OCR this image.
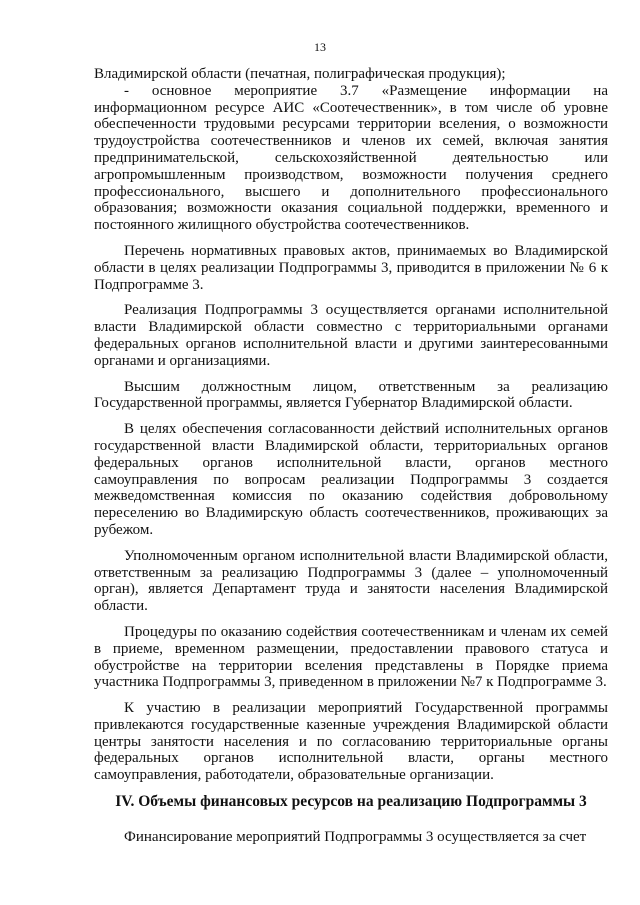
13

Владимирской области (печатная, полиграфическая продукция);

- основное мероприятие 3.7 «Размещение информации на информационном ресурсе АИС «Соотечественник», в том числе об уровне обеспеченности трудовыми ресурсами территории вселения, о возможности трудоустройства соотечественников и членов их семей, включая занятия предпринимательской, сельскохозяйственной деятельностью или агропромышленным производством, возможности получения среднего профессионального, высшего и дополнительного профессионального образования; возможности оказания социальной поддержки, временного и постоянного жилищного обустройства соотечественников.

Перечень нормативных правовых актов, принимаемых во Владимирской области в целях реализации Подпрограммы 3, приводится в приложении № 6 к Подпрограмме 3.

Реализация Подпрограммы 3 осуществляется органами исполнительной власти Владимирской области совместно с территориальными органами федеральных органов исполнительной власти и другими заинтересованными органами и организациями.

Высшим должностным лицом, ответственным за реализацию Государственной программы, является Губернатор Владимирской области.

В целях обеспечения согласованности действий исполнительных органов государственной власти Владимирской области, территориальных органов федеральных органов исполнительной власти, органов местного самоуправления по вопросам реализации Подпрограммы 3 создается межведомственная комиссия по оказанию содействия добровольному переселению во Владимирскую область соотечественников, проживающих за рубежом.

Уполномоченным органом исполнительной власти Владимирской области, ответственным за реализацию Подпрограммы 3 (далее – уполномоченный орган), является Департамент труда и занятости населения Владимирской области.

Процедуры по оказанию содействия соотечественникам и членам их семей в приеме, временном размещении, предоставлении правового статуса и обустройстве на территории вселения представлены в Порядке приема участника Подпрограммы 3, приведенном в приложении №7 к Подпрограмме 3.

К участию в реализации мероприятий Государственной программы привлекаются государственные казенные учреждения Владимирской области центры занятости населения и по согласованию территориальные органы федеральных органов исполнительной власти, органы местного самоуправления, работодатели, образовательные организации.

IV. Объемы финансовых ресурсов на реализацию Подпрограммы 3
Финансирование мероприятий Подпрограммы 3 осуществляется за счет
